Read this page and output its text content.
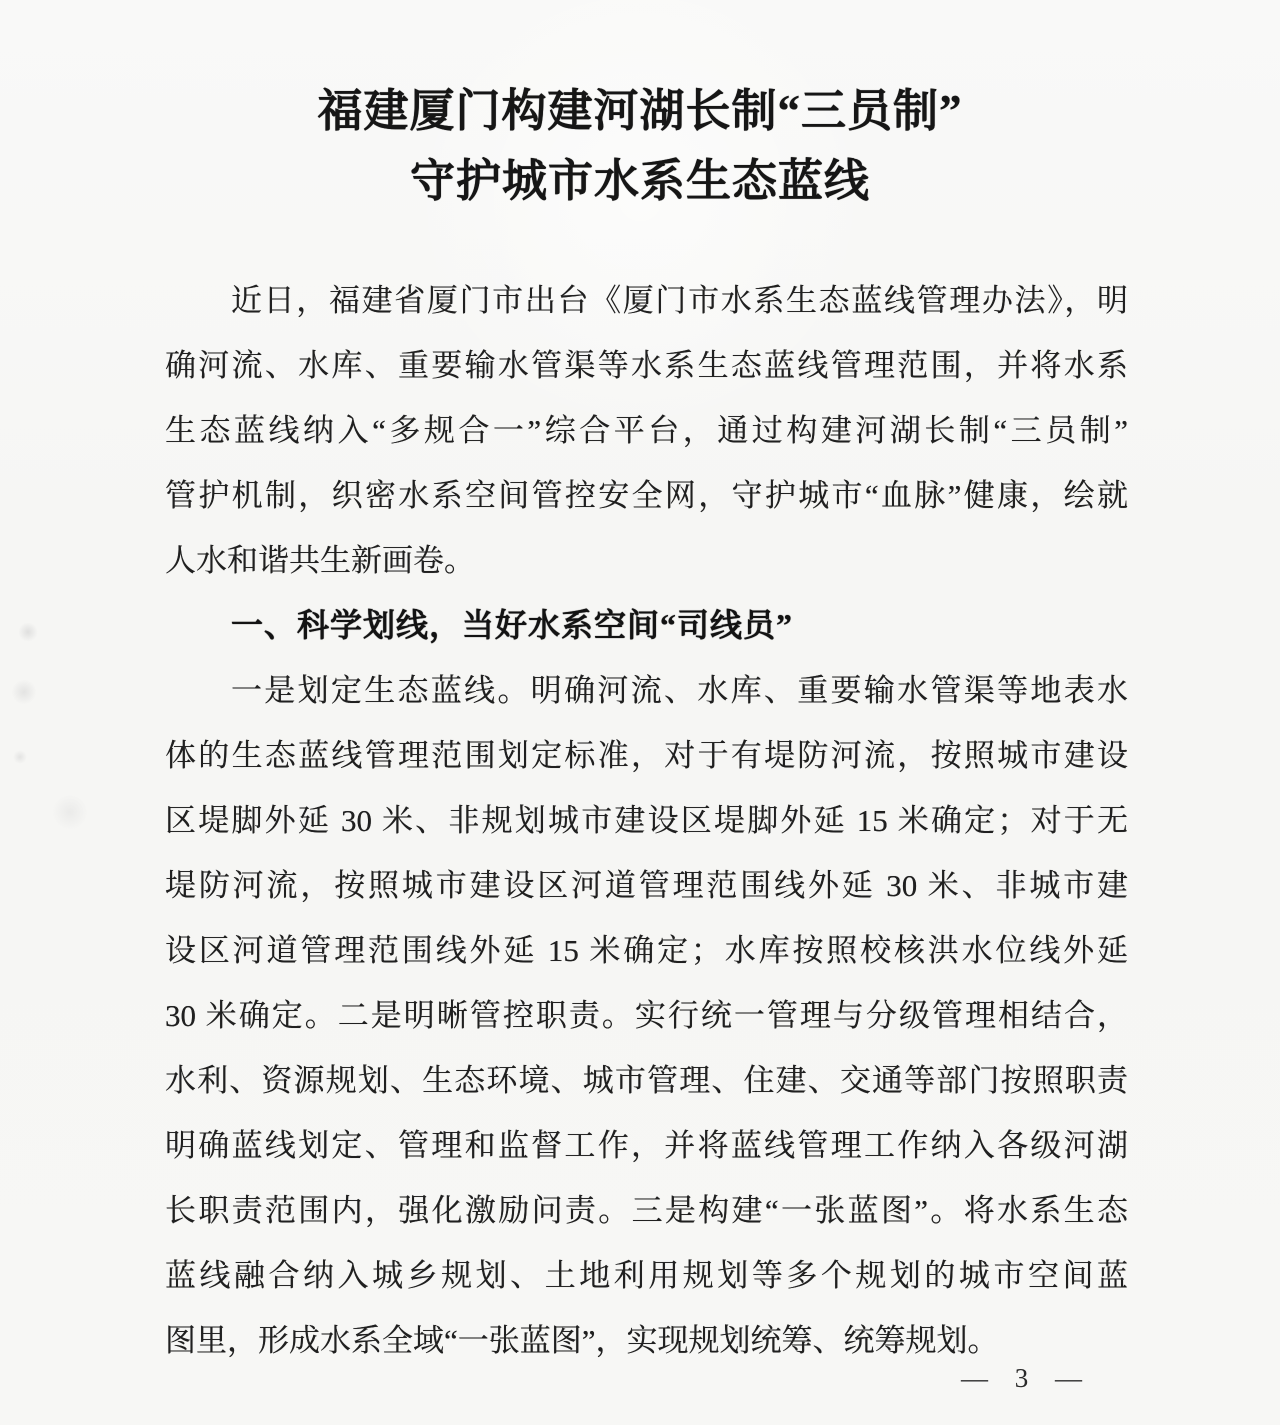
福建厦门构建河湖长制“三员制”
守护城市水系生态蓝线
近日，福建省厦门市出台《厦门市水系生态蓝线管理办法》，明
确河流、水库、重要输水管渠等水系生态蓝线管理范围，并将水系
生态蓝线纳入“多规合一”综合平台，通过构建河湖长制“三员制”
管护机制，织密水系空间管控安全网，守护城市“血脉”健康，绘就
人水和谐共生新画卷。
一、科学划线，当好水系空间“司线员”
一是划定生态蓝线。明确河流、水库、重要输水管渠等地表水
体的生态蓝线管理范围划定标准，对于有堤防河流，按照城市建设
区堤脚外延 30 米、非规划城市建设区堤脚外延 15 米确定；对于无
堤防河流，按照城市建设区河道管理范围线外延 30 米、非城市建
设区河道管理范围线外延 15 米确定；水库按照校核洪水位线外延
30 米确定。二是明晰管控职责。实行统一管理与分级管理相结合，
水利、资源规划、生态环境、城市管理、住建、交通等部门按照职责
明确蓝线划定、管理和监督工作，并将蓝线管理工作纳入各级河湖
长职责范围内，强化激励问责。三是构建“一张蓝图”。将水系生态
蓝线融合纳入城乡规划、土地利用规划等多个规划的城市空间蓝
图里，形成水系全域“一张蓝图”，实现规划统筹、统筹规划。
— 3 —
